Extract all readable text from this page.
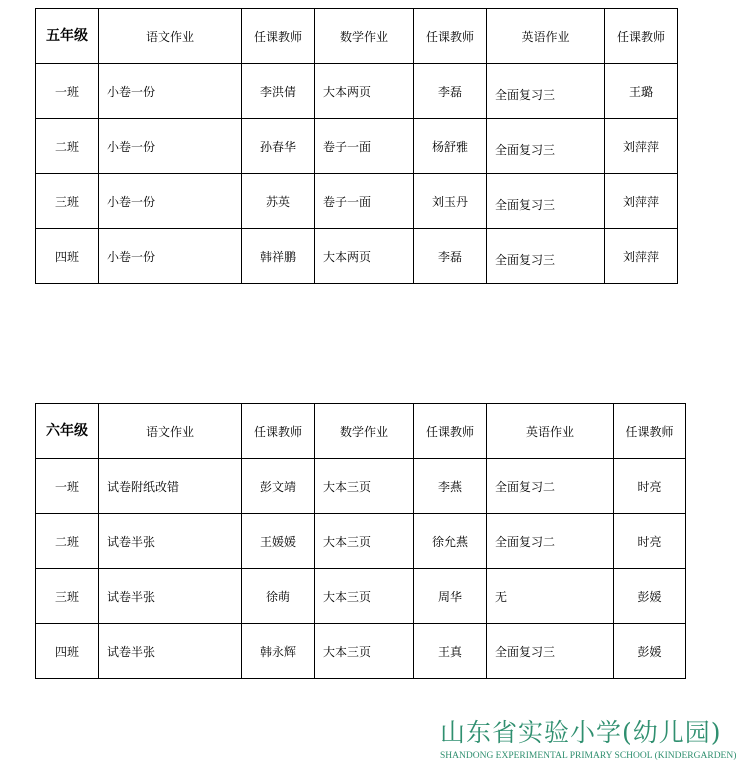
五年级	语文作业	任课教师	数学作业	任课教师	英语作业	任课教师
一班	小卷一份	李洪倩	大本两页	李磊	全面复习三	王璐
二班	小卷一份	孙春华	卷子一面	杨舒雅	全面复习三	刘萍萍
三班	小卷一份	苏英	卷子一面	刘玉丹	全面复习三	刘萍萍
四班	小卷一份	韩祥鹏	大本两页	李磊	全面复习三	刘萍萍
六年级	语文作业	任课教师	数学作业	任课教师	英语作业	任课教师
一班	试卷附纸改错	彭文靖	大本三页	李燕	全面复习二	时亮
二班	试卷半张	王媛媛	大本三页	徐允燕	全面复习二	时亮
三班	试卷半张	徐萌	大本三页	周华	无	彭媛
四班	试卷半张	韩永辉	大本三页	王真	全面复习三	彭媛
山东省实验小学(幼儿园)
SHANDONG EXPERIMENTAL PRIMARY SCHOOL (KINDERGARDEN)
